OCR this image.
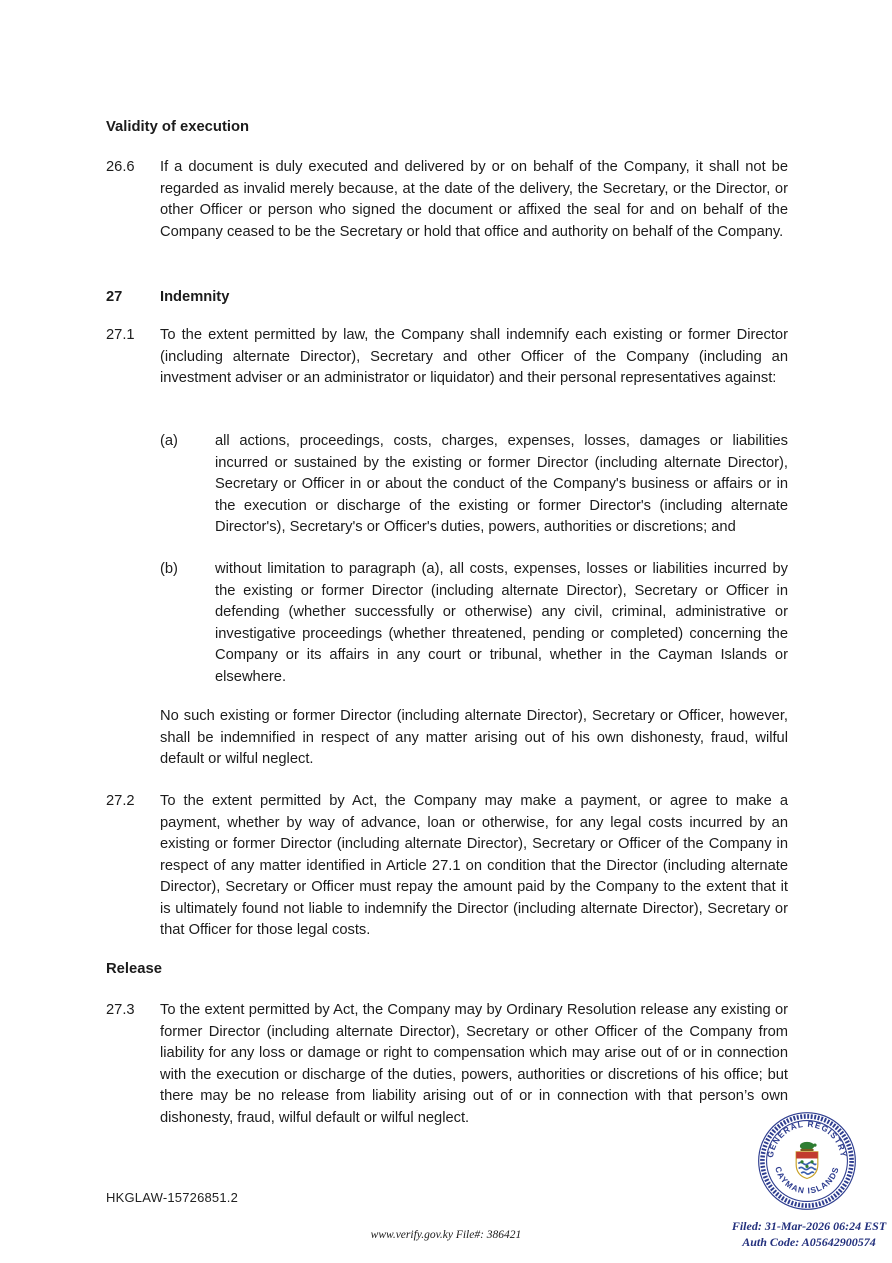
Validity of execution
26.6	If a document is duly executed and delivered by or on behalf of the Company, it shall not be regarded as invalid merely because, at the date of the delivery, the Secretary, or the Director, or other Officer or person who signed the document or affixed the seal for and on behalf of the Company ceased to be the Secretary or hold that office and authority on behalf of the Company.

27	Indemnity

27.1	To the extent permitted by law, the Company shall indemnify each existing or former Director (including alternate Director), Secretary and other Officer of the Company (including an investment adviser or an administrator or liquidator) and their personal representatives against:

(a)	all actions, proceedings, costs, charges, expenses, losses, damages or liabilities incurred or sustained by the existing or former Director (including alternate Director), Secretary or Officer in or about the conduct of the Company's business or affairs or in the execution or discharge of the existing or former Director's (including alternate Director's), Secretary's or Officer's duties, powers, authorities or discretions; and

(b)	without limitation to paragraph (a), all costs, expenses, losses or liabilities incurred by the existing or former Director (including alternate Director), Secretary or Officer in defending (whether successfully or otherwise) any civil, criminal, administrative or investigative proceedings (whether threatened, pending or completed) concerning the Company or its affairs in any court or tribunal, whether in the Cayman Islands or elsewhere.

No such existing or former Director (including alternate Director), Secretary or Officer, however, shall be indemnified in respect of any matter arising out of his own dishonesty, fraud, wilful default or wilful neglect.
27.2	To the extent permitted by Act, the Company may make a payment, or agree to make a payment, whether by way of advance, loan or otherwise, for any legal costs incurred by an existing or former Director (including alternate Director), Secretary or Officer of the Company in respect of any matter identified in Article 27.1 on condition that the Director (including alternate Director), Secretary or Officer must repay the amount paid by the Company to the extent that it is ultimately found not liable to indemnify the Director (including alternate Director), Secretary or that Officer for those legal costs.

Release
27.3	To the extent permitted by Act, the Company may by Ordinary Resolution release any existing or former Director (including alternate Director), Secretary or other Officer of the Company from liability for any loss or damage or right to compensation which may arise out of or in connection with the execution or discharge of the duties, powers, authorities or discretions of his office; but there may be no release from liability arising out of or in connection with that person’s own dishonesty, fraud, wilful default or wilful neglect.

HKGLAW-15726851.2
www.verify.gov.ky File#: 386421
GENERAL REGISTRY
CAYMAN ISLANDS
Filed: 31-Mar-2026 06:24 EST
Auth Code: A05642900574
